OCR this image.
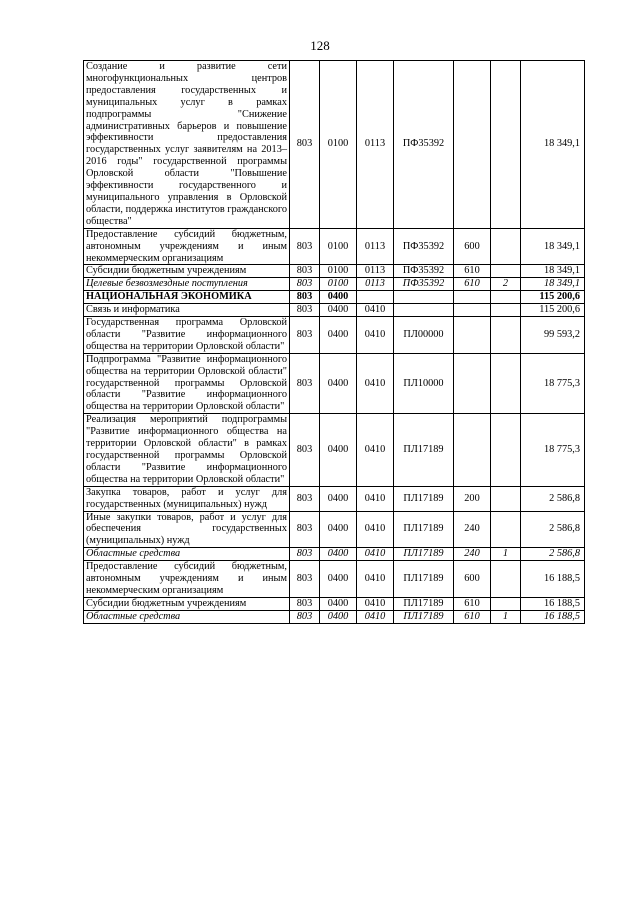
128
Создание и развитие сети многофункциональных центров предоставления государственных и муниципальных услуг в рамках подпрограммы "Снижение административных барьеров и повышение эффективности предоставления государственных услуг заявителям на 2013–2016 годы" государственной программы Орловской области "Повышение эффективности государственного и муниципального управления в Орловской области, поддержка институтов гражданского общества"	803	0100	0113	ПФ35392			18 349,1
Предоставление субсидий бюджетным, автономным учреждениям и иным некоммерческим организациям	803	0100	0113	ПФ35392	600		18 349,1
Субсидии бюджетным учреждениям	803	0100	0113	ПФ35392	610		18 349,1
Целевые безвозмездные поступления	803	0100	0113	ПФ35392	610	2	18 349,1
НАЦИОНАЛЬНАЯ ЭКОНОМИКА	803	0400					115 200,6
Связь и информатика	803	0400	0410				115 200,6
Государственная программа Орловской области "Развитие информационного общества на территории Орловской области"	803	0400	0410	ПЛ00000			99 593,2
Подпрограмма "Развитие информационного общества на территории Орловской области" государственной программы Орловской области "Развитие информационного общества на территории Орловской области"	803	0400	0410	ПЛ10000			18 775,3
Реализация мероприятий подпрограммы "Развитие информационного общества на территории Орловской области" в рамках государственной программы Орловской области "Развитие информационного общества на территории Орловской области"	803	0400	0410	ПЛ17189			18 775,3
Закупка товаров, работ и услуг для государственных (муниципальных) нужд	803	0400	0410	ПЛ17189	200		2 586,8
Иные закупки товаров, работ и услуг для обеспечения государственных (муниципальных) нужд	803	0400	0410	ПЛ17189	240		2 586,8
Областные средства	803	0400	0410	ПЛ17189	240	1	2 586,8
Предоставление субсидий бюджетным, автономным учреждениям и иным некоммерческим организациям	803	0400	0410	ПЛ17189	600		16 188,5
Субсидии бюджетным учреждениям	803	0400	0410	ПЛ17189	610		16 188,5
Областные средства	803	0400	0410	ПЛ17189	610	1	16 188,5
